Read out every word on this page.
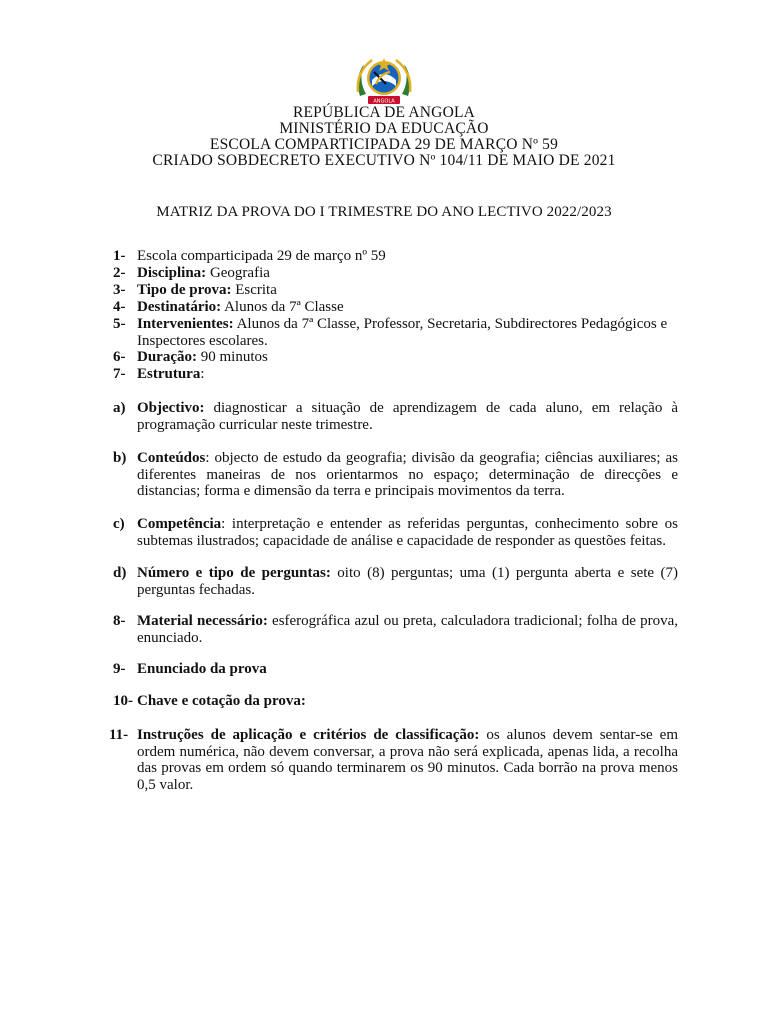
ANGOLA
REPÚBLICA DE ANGOLA
MINISTÉRIO DA EDUCAÇÃO
ESCOLA COMPARTICIPADA 29 DE MARÇO Nº 59
CRIADO SOBDECRETO EXECUTIVO Nº 104/11 DE MAIO DE 2021
MATRIZ DA PROVA DO I TRIMESTRE DO ANO LECTIVO 2022/2023
1- Escola comparticipada 29 de março nº 59
2- Disciplina: Geografia
3- Tipo de prova: Escrita
4- Destinatário: Alunos da 7ª Classe
5- Intervenientes: Alunos da 7ª Classe, Professor, Secretaria, Subdirectores Pedagógicos e Inspectores escolares.
6- Duração: 90 minutos
7- Estrutura:
a) Objectivo: diagnosticar a situação de aprendizagem de cada aluno, em relação à programação curricular neste trimestre.
b) Conteúdos: objecto de estudo da geografia; divisão da geografia; ciências auxiliares; as diferentes maneiras de nos orientarmos no espaço; determinação de direcções e distancias; forma e dimensão da terra e principais movimentos da terra.
c) Competência: interpretação e entender as referidas perguntas, conhecimento sobre os subtemas ilustrados; capacidade de análise e capacidade de responder as questões feitas.
d) Número e tipo de perguntas: oito (8) perguntas; uma (1) pergunta aberta e sete (7) perguntas fechadas.
8- Material necessário: esferográfica azul ou preta, calculadora tradicional; folha de prova, enunciado.
9- Enunciado da prova
10- Chave e cotação da prova:
11- Instruções de aplicação e critérios de classificação: os alunos devem sentar-se em ordem numérica, não devem conversar, a prova não será explicada, apenas lida, a recolha das provas em ordem só quando terminarem os 90 minutos. Cada borrão na prova menos 0,5 valor.
